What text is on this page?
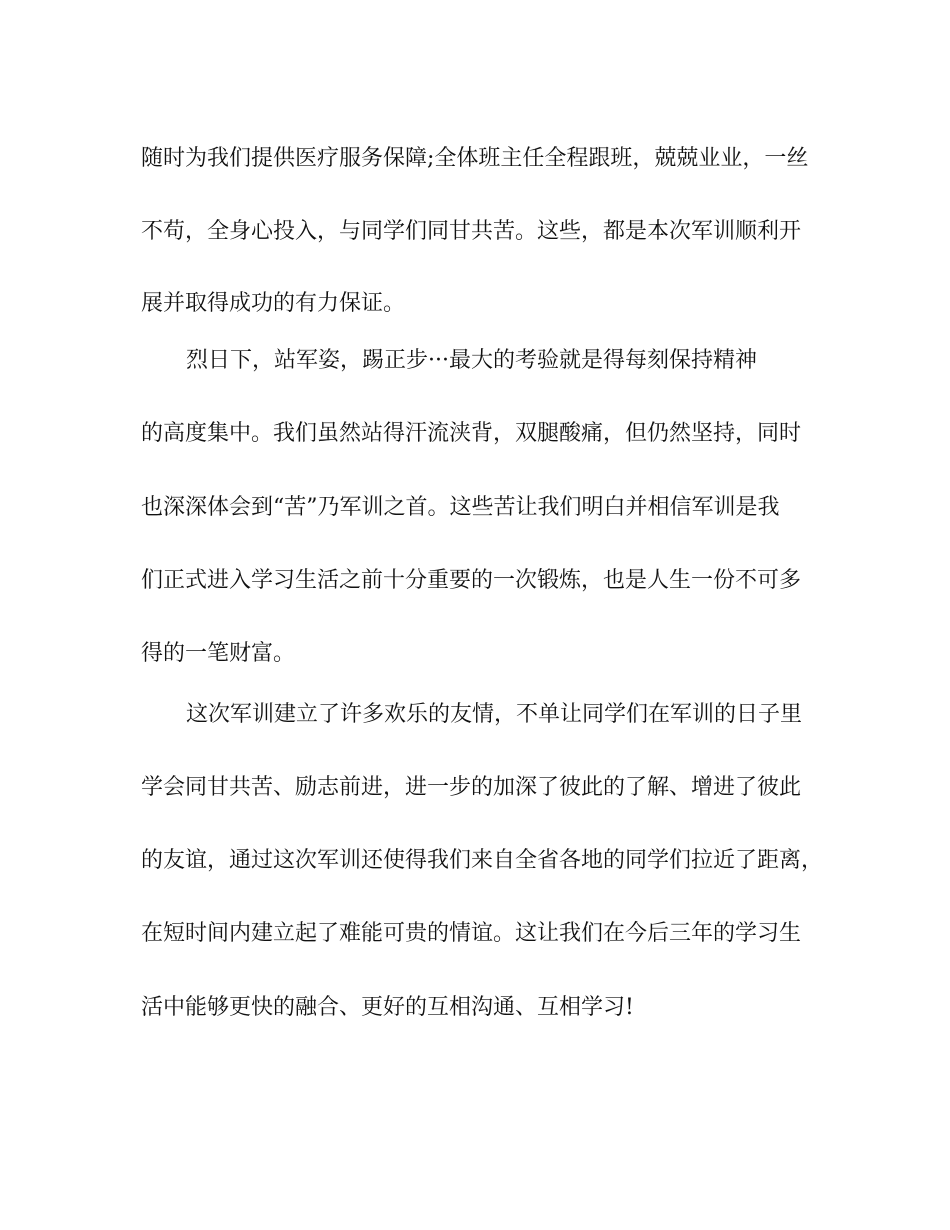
随时为我们提供医疗服务保障;全体班主任全程跟班，兢兢业业，一丝
不苟，全身心投入，与同学们同甘共苦。这些，都是本次军训顺利开
展并取得成功的有力保证。
烈日下，站军姿，踢正步···最大的考验就是得每刻保持精神
的高度集中。我们虽然站得汗流浃背，双腿酸痛，但仍然坚持，同时
也深深体会到“苦”乃军训之首。这些苦让我们明白并相信军训是我
们正式进入学习生活之前十分重要的一次锻炼，也是人生一份不可多
得的一笔财富。
这次军训建立了许多欢乐的友情，不单让同学们在军训的日子里
学会同甘共苦、励志前进，进一步的加深了彼此的了解、增进了彼此
的友谊，通过这次军训还使得我们来自全省各地的同学们拉近了距离，
在短时间内建立起了难能可贵的情谊。这让我们在今后三年的学习生
活中能够更快的融合、更好的互相沟通、互相学习!
